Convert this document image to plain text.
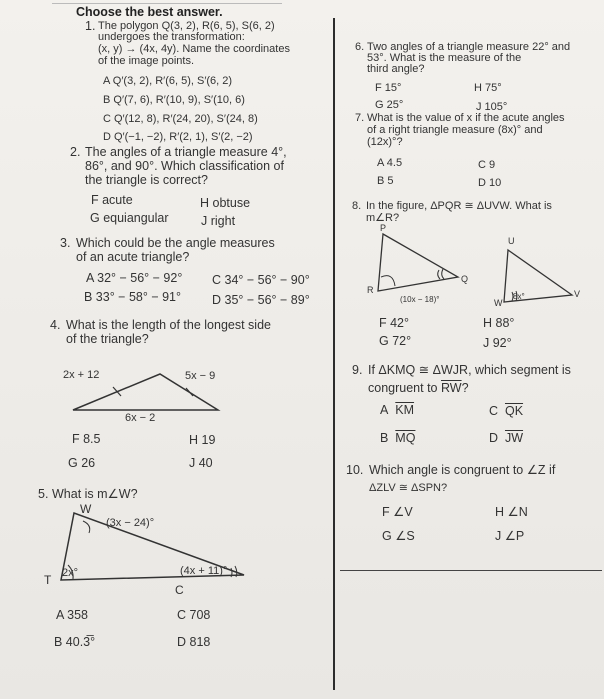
Choose the best answer.
1. The polygon Q(3, 2), R(6, 5), S(6, 2)
undergoes the transformation:
(x, y) → (4x, 4y). Name the coordinates
of the image points.
A Q′(3, 2), R′(6, 5), S′(6, 2)
B Q′(7, 6), R′(10, 9), S′(10, 6)
C Q′(12, 8), R′(24, 20), S′(24, 8)
D Q′(−1, −2), R′(2, 1), S′(2, −2)
2. The angles of a triangle measure 4°,
86°, and 90°. Which classification of
the triangle is correct?
F acute	H obtuse
G equiangular	J right
3. Which could be the angle measures
of an acute triangle?
A 32° − 56° − 92° C 34° − 56° − 90°
B 33° − 58° − 91° D 35° − 56° − 89°
4. What is the length of the longest side
of the triangle?
2x + 12	5x − 9
6x − 2
F 8.5	H 19
G 26	J 40
5. What is m∠W?
W
(3x − 24)°
2x°
T
(4x + 11)°
C
A 358	C 708
B 40.3̅°	D 818
6. Two angles of a triangle measure 22° and
53°. What is the measure of the
third angle?
F 15°	H 75°
G 25°	J 105°
7. What is the value of x if the acute angles
of a right triangle measure (8x)° and
(12x)°?
A 4.5	C 9
B 5	D 10
8. In the figure, ΔPQR ≅ ΔUVW. What is
m∠R?
P
R
Q
(10x − 18)°
U
W
V
8x°
F 42°	H 88°
G 72°	J 92°
9. If ΔKMQ ≅ ΔWJR, which segment is
congruent to $\overline{RW}$?
A $\overline{KM}$	C $\overline{QK}$
B $\overline{MQ}$	D $\overline{JW}$
10. Which angle is congruent to ∠Z if
ΔZLV ≅ ΔSPN?
F ∠V	H ∠N
G ∠S	J ∠P
